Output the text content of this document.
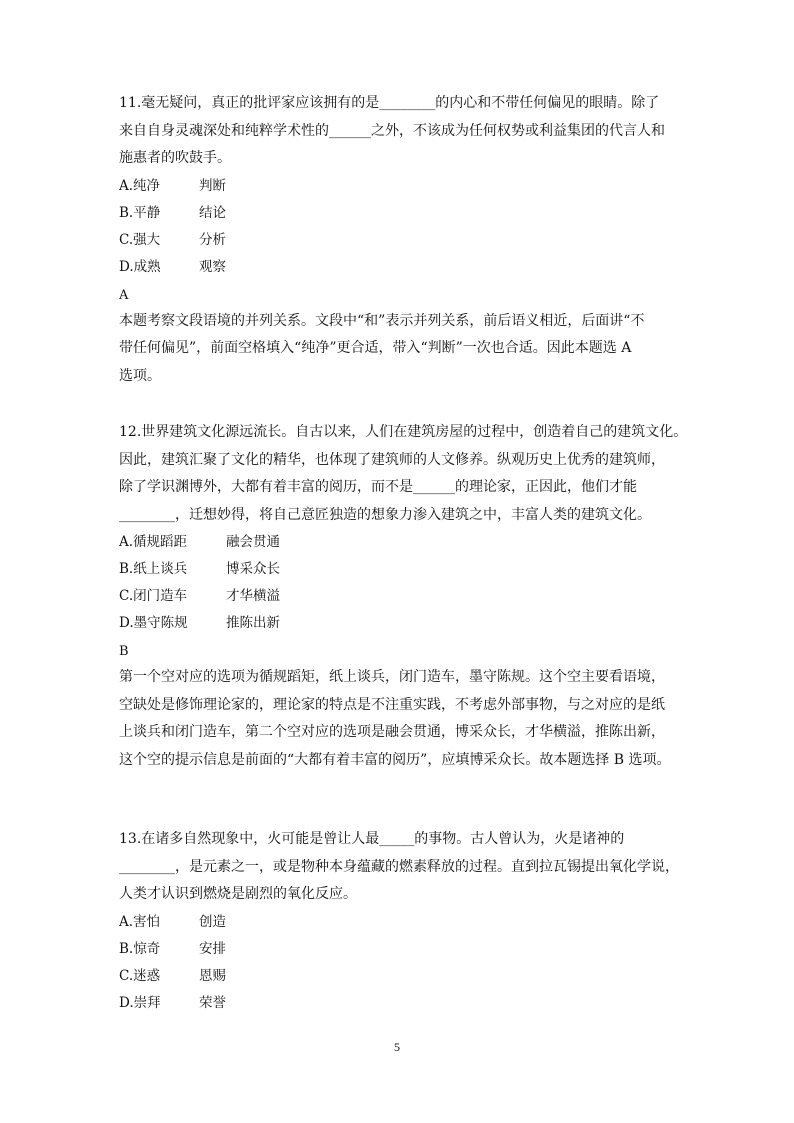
11.毫无疑问，真正的批评家应该拥有的是________的内心和不带任何偏见的眼睛。除了
来自自身灵魂深处和纯粹学术性的______之外，不该成为任何权势或利益集团的代言人和
施惠者的吹鼓手。
A.纯净	判断
B.平静	结论
C.强大	分析
D.成熟	观察
A
本题考察文段语境的并列关系。文段中“和”表示并列关系，前后语义相近，后面讲“不
带任何偏见”，前面空格填入“纯净”更合适，带入“判断”一次也合适。因此本题选 A
选项。
12.世界建筑文化源远流长。自古以来，人们在建筑房屋的过程中，创造着自己的建筑文化。
因此，建筑汇聚了文化的精华，也体现了建筑师的人文修养。纵观历史上优秀的建筑师，
除了学识渊博外，大都有着丰富的阅历，而不是______的理论家，正因此，他们才能
________，迁想妙得，将自己意匠独造的想象力渗入建筑之中，丰富人类的建筑文化。
A.循规蹈距	融会贯通
B.纸上谈兵	博采众长
C.闭门造车	才华横溢
D.墨守陈规	推陈出新
B
第一个空对应的选项为循规蹈矩，纸上谈兵，闭门造车，墨守陈规。这个空主要看语境，
空缺处是修饰理论家的，理论家的特点是不注重实践，不考虑外部事物，与之对应的是纸
上谈兵和闭门造车，第二个空对应的选项是融会贯通，博采众长，才华横溢，推陈出新，
这个空的提示信息是前面的“大都有着丰富的阅历”，应填博采众长。故本题选择 B 选项。
13.在诸多自然现象中，火可能是曾让人最_____的事物。古人曾认为，火是诸神的
________，是元素之一，或是物种本身蕴藏的燃素释放的过程。直到拉瓦锡提出氧化学说，
人类才认识到燃烧是剧烈的氧化反应。
A.害怕	创造
B.惊奇	安排
C.迷惑	恩赐
D.崇拜	荣誉
5
